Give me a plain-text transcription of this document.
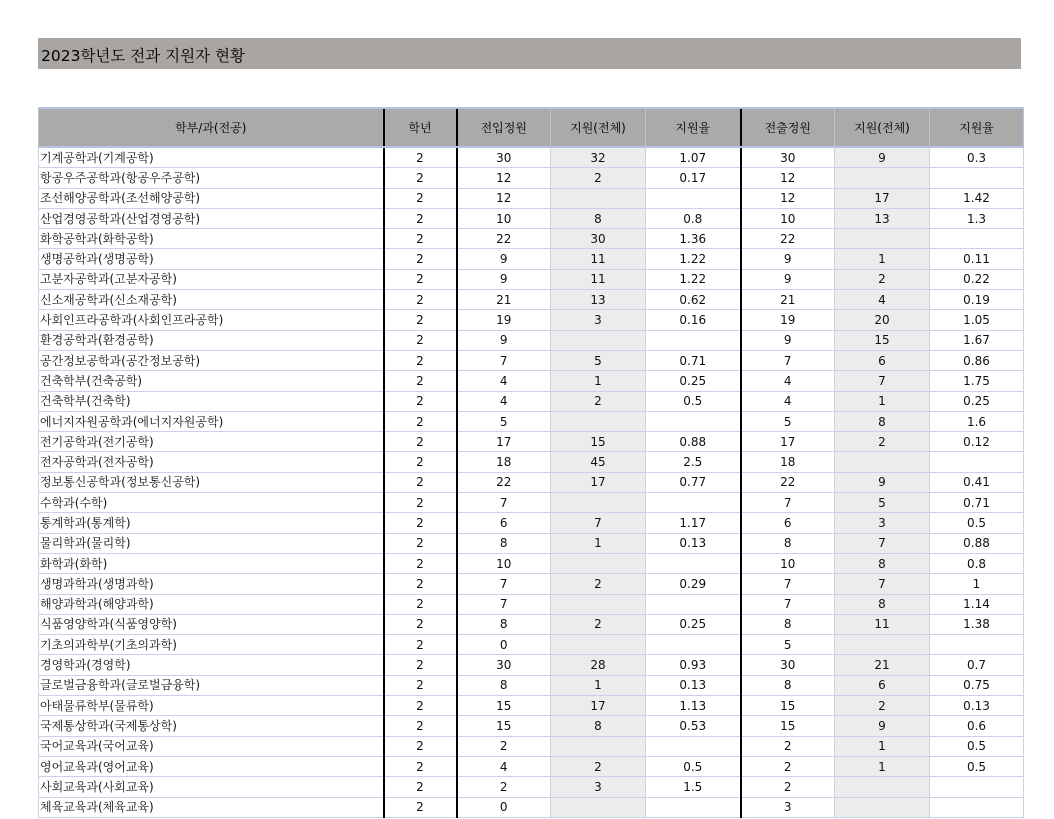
2023학년도 전과 지원자 현황
학부/과(전공)	학년	전입정원	지원(전체)	지원율	전출정원	지원(전체)	지원율
기계공학과(기계공학)	2	30	32	1.07	30	9	0.3
항공우주공학과(항공우주공학)	2	12	2	0.17	12		
조선해양공학과(조선해양공학)	2	12			12	17	1.42
산업경영공학과(산업경영공학)	2	10	8	0.8	10	13	1.3
화학공학과(화학공학)	2	22	30	1.36	22		
생명공학과(생명공학)	2	9	11	1.22	9	1	0.11
고분자공학과(고분자공학)	2	9	11	1.22	9	2	0.22
신소재공학과(신소재공학)	2	21	13	0.62	21	4	0.19
사회인프라공학과(사회인프라공학)	2	19	3	0.16	19	20	1.05
환경공학과(환경공학)	2	9			9	15	1.67
공간정보공학과(공간정보공학)	2	7	5	0.71	7	6	0.86
건축학부(건축공학)	2	4	1	0.25	4	7	1.75
건축학부(건축학)	2	4	2	0.5	4	1	0.25
에너지자원공학과(에너지자원공학)	2	5			5	8	1.6
전기공학과(전기공학)	2	17	15	0.88	17	2	0.12
전자공학과(전자공학)	2	18	45	2.5	18		
정보통신공학과(정보통신공학)	2	22	17	0.77	22	9	0.41
수학과(수학)	2	7			7	5	0.71
통계학과(통계학)	2	6	7	1.17	6	3	0.5
물리학과(물리학)	2	8	1	0.13	8	7	0.88
화학과(화학)	2	10			10	8	0.8
생명과학과(생명과학)	2	7	2	0.29	7	7	1
해양과학과(해양과학)	2	7			7	8	1.14
식품영양학과(식품영양학)	2	8	2	0.25	8	11	1.38
기초의과학부(기초의과학)	2	0			5		
경영학과(경영학)	2	30	28	0.93	30	21	0.7
글로벌금융학과(글로벌금융학)	2	8	1	0.13	8	6	0.75
아태물류학부(물류학)	2	15	17	1.13	15	2	0.13
국제통상학과(국제통상학)	2	15	8	0.53	15	9	0.6
국어교육과(국어교육)	2	2			2	1	0.5
영어교육과(영어교육)	2	4	2	0.5	2	1	0.5
사회교육과(사회교육)	2	2	3	1.5	2		
체육교육과(체육교육)	2	0			3		
